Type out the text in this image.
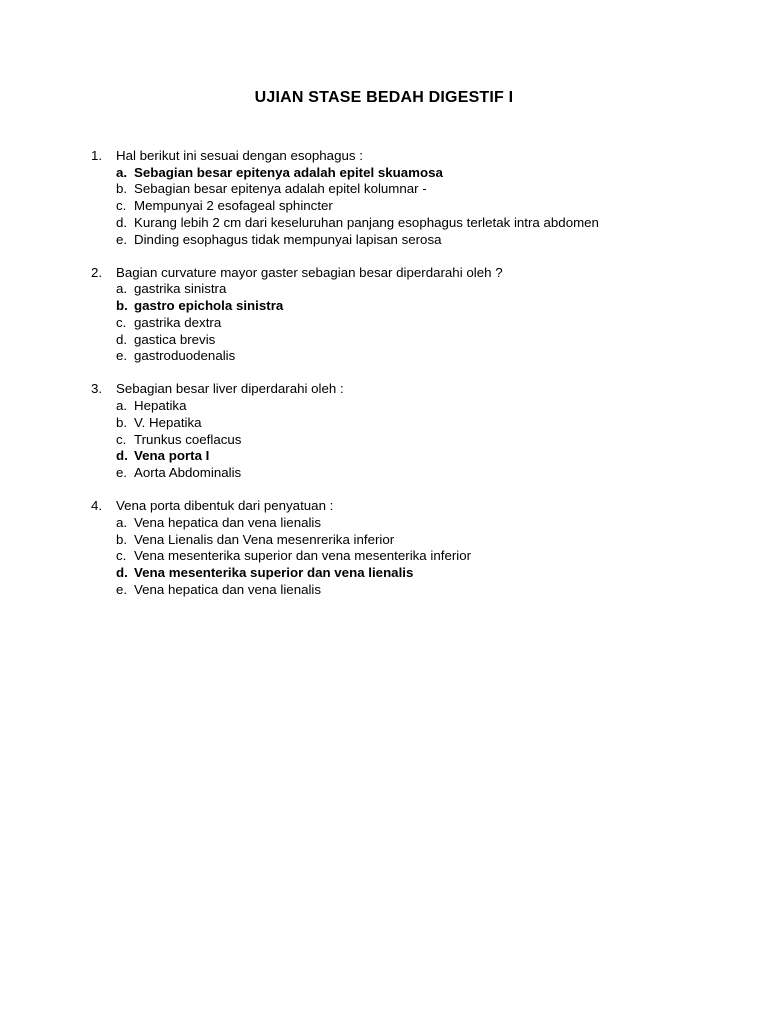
UJIAN STASE BEDAH DIGESTIF I
1.	Hal berikut ini sesuai dengan esophagus :
a. Sebagian besar epitenya adalah epitel skuamosa
b. Sebagian besar epitenya adalah epitel kolumnar -
c. Mempunyai 2 esofageal sphincter
d. Kurang lebih 2 cm dari keseluruhan panjang esophagus terletak intra abdomen
e. Dinding esophagus tidak mempunyai lapisan serosa
2.	Bagian curvature mayor gaster sebagian besar diperdarahi oleh ?
a. gastrika sinistra
b. gastro epichola sinistra
c. gastrika dextra
d. gastica brevis
e. gastroduodenalis
3.	Sebagian besar liver diperdarahi oleh :
a. Hepatika
b. V. Hepatika
c. Trunkus coeflacus
d. Vena porta I
e. Aorta Abdominalis
4.	Vena porta dibentuk dari penyatuan :
a. Vena hepatica dan vena lienalis
b. Vena Lienalis dan Vena mesenrerika inferior
c. Vena mesenterika superior dan vena mesenterika inferior
d. Vena mesenterika superior dan vena lienalis
e. Vena hepatica dan vena lienalis
